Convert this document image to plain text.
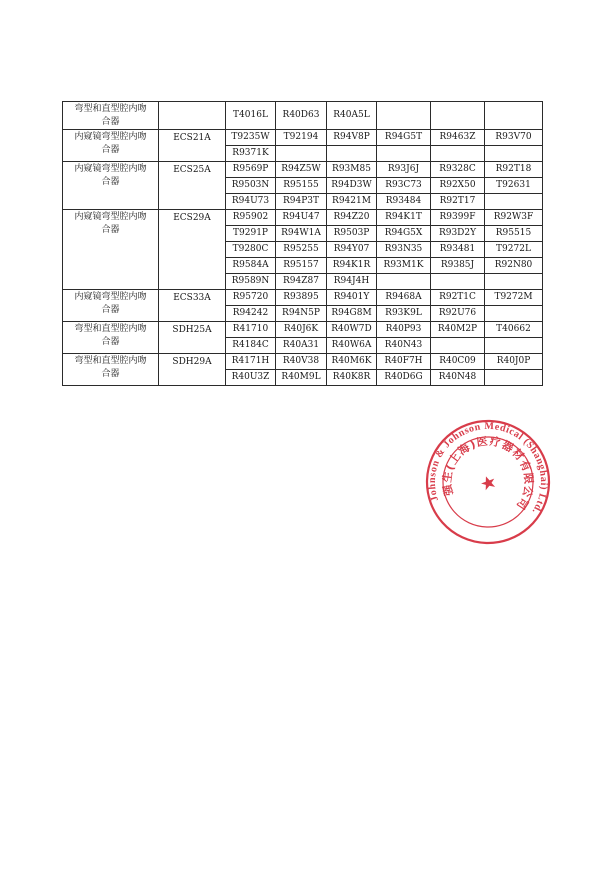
弯型和直型腔内吻合器		T4016L	R40D63	R40A5L			
内窥镜弯型腔内吻合器	ECS21A	T9235W	T92194	R94V8P	R94G5T	R9463Z	R93V70
		R9371K					
内窥镜弯型腔内吻合器	ECS25A	R9569P	R94Z5W	R93M85	R93J6J	R9328C	R92T18
		R9503N	R95155	R94D3W	R93C73	R92X50	T92631
		R94U73	R94P3T	R9421M	R93484	R92T17	
内窥镜弯型腔内吻合器	ECS29A	R95902	R94U47	R94Z20	R94K1T	R9399F	R92W3F
		T9291P	R94W1A	R9503P	R94G5X	R93D2Y	R95515
		T9280C	R95255	R94Y07	R93N35	R93481	T9272L
		R9584A	R95157	R94K1R	R93M1K	R9385J	R92N80
		R9589N	R94Z87	R94J4H			
内窥镜弯型腔内吻合器	ECS33A	R95720	R93895	R9401Y	R9468A	R92T1C	T9272M
		R94242	R94N5P	R94G8M	R93K9L	R92U76	
弯型和直型腔内吻合器	SDH25A	R41710	R40J6K	R40W7D	R40P93	R40M2P	T40662
		R4184C	R40A31	R40W6A	R40N43		
弯型和直型腔内吻合器	SDH29A	R4171H	R40V38	R40M6K	R40F7H	R40C09	R40J0P
		R40U3Z	R40M9L	R40K8R	R40D6G	R40N48	
Johnson & Johnson Medical (Shanghai) Ltd.
强生(上海)医疗器材有限公司
